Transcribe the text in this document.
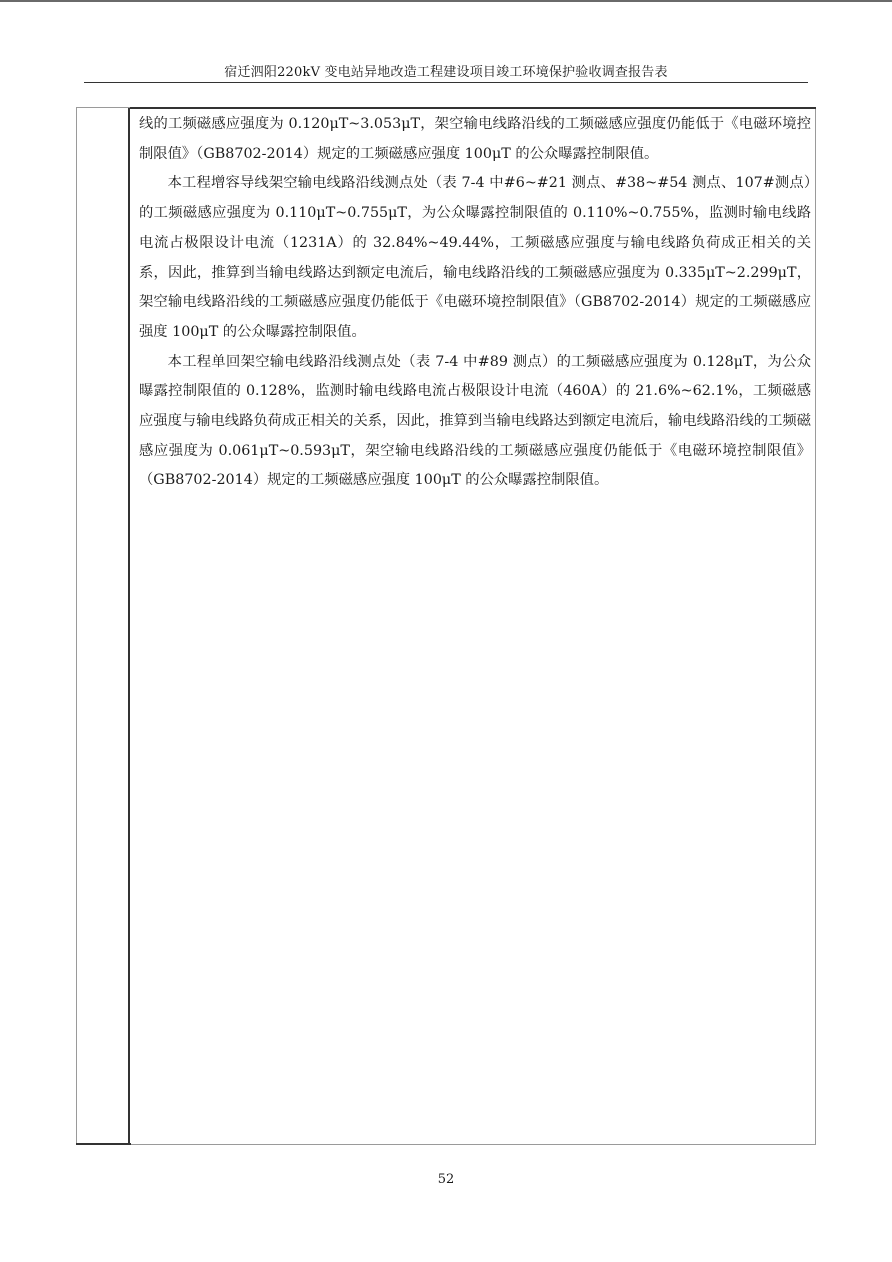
宿迁泗阳220kV 变电站异地改造工程建设项目竣工环境保护验收调查报告表

线的工频磁感应强度为 0.120μT~3.053μT，架空输电线路沿线的工频磁感应强度仍能低于《电磁环境控制限值》（GB8702-2014）规定的工频磁感应强度 100μT 的公众曝露控制限值。

本工程增容导线架空输电线路沿线测点处（表 7-4 中#6~#21 测点、#38~#54 测点、107#测点）的工频磁感应强度为 0.110μT~0.755μT，为公众曝露控制限值的 0.110%~0.755%，监测时输电线路电流占极限设计电流（1231A）的 32.84%~49.44%，工频磁感应强度与输电线路负荷成正相关的关系，因此，推算到当输电线路达到额定电流后，输电线路沿线的工频磁感应强度为 0.335μT~2.299μT，架空输电线路沿线的工频磁感应强度仍能低于《电磁环境控制限值》（GB8702-2014）规定的工频磁感应强度 100μT 的公众曝露控制限值。

本工程单回架空输电线路沿线测点处（表 7-4 中#89 测点）的工频磁感应强度为 0.128μT，为公众曝露控制限值的 0.128%，监测时输电线路电流占极限设计电流（460A）的 21.6%~62.1%，工频磁感应强度与输电线路负荷成正相关的关系，因此，推算到当输电线路达到额定电流后，输电线路沿线的工频磁感应强度为 0.061μT~0.593μT，架空输电线路沿线的工频磁感应强度仍能低于《电磁环境控制限值》（GB8702-2014）规定的工频磁感应强度 100μT 的公众曝露控制限值。

52
